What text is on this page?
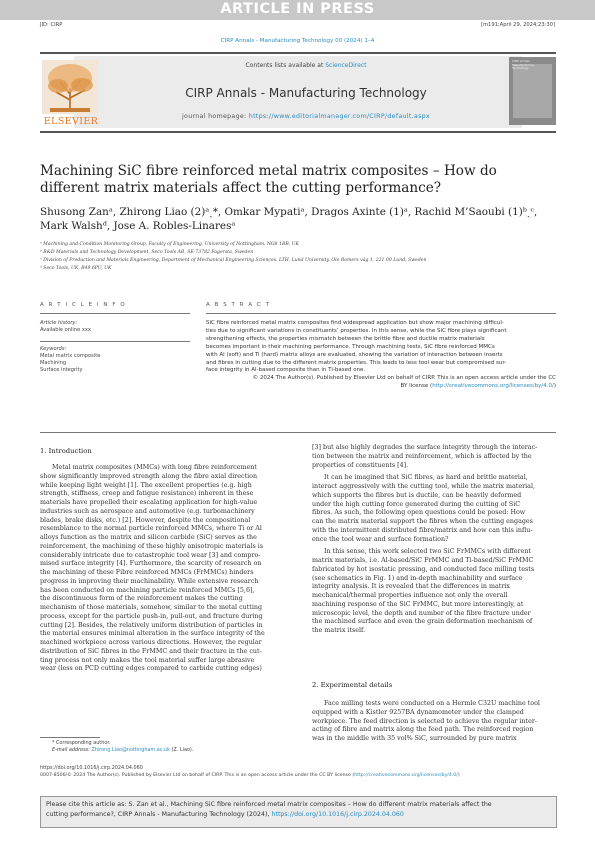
ARTICLE IN PRESS
JID: CIRP	[m191;April 29, 2024;23:30]
CIRP Annals - Manufacturing Technology 00 (2024) 1–4
ELSEVIER
Contents lists available at ScienceDirect
CIRP Annals - Manufacturing Technology
journal homepage: https://www.editorialmanager.com/CIRP/default.aspx
CIRP Annals
Manufacturing
Technology
Machining SiC fibre reinforced metal matrix composites – How do
different matrix materials affect the cutting performance?
Shusong Zanᵃ, Zhirong Liao (2)ᵃˎ*, Omkar Mypatiᵃ, Dragos Axinte (1)ᵃ, Rachid M’Saoubi (1)ᵇˎᶜ,
Mark Walshᵈ, Jose A. Robles-Linaresᵃ
ᵃ Machining and Condition Monitoring Group, Faculty of Engineering, University of Nottingham, NG8 1BB, UK
ᵇ R&D Materials and Technology Development, Seco Tools AB, SE-73782 Fagersta, Sweden
ᶜ Division of Production and Materials Engineering, Department of Mechanical Engineering Sciences, LTH, Lund University, Ole Romers väg 1, 221 00 Lund, Sweden
ᵈ Seco Tools, UK, B49 6PU, UK
A R T I C L E I N F O	A B S T R A C T
Article history:
Available online xxx
Keywords:
Metal matrix composite
Machining
Surface integrity
SiC fibre reinforced metal matrix composites find widespread application but show major machining difficul-
ties due to significant variations in constituents’ properties. In this sense, while the SiC fibre plays significant
strengthening effects, the properties mismatch between the brittle fibre and ductile matrix materials
becomes important in their machining performance. Through machining tests, SiC fibre reinforced MMCs
with Al (soft) and Ti (hard) matrix alloys are evaluated, showing the variation of interaction between inserts
and fibres in cutting due to the different matrix properties. This leads to less tool wear but compromised sur-
face integrity in Al-based composite than in Ti-based one.
© 2024 The Author(s). Published by Elsevier Ltd on behalf of CIRP. This is an open access article under the CC
BY license (http://creativecommons.org/licenses/by/4.0/)
1. Introduction
Metal matrix composites (MMCs) with long fibre reinforcement
show significantly improved strength along the fibre axial direction
while keeping light weight [1]. The excellent properties (e.g. high
strength, stiffness, creep and fatigue resistance) inherent in these
materials have propelled their escalating application for high-value
industries such as aerospace and automotive (e.g. turbomachinery
blades, brake disks, etc.) [2]. However, despite the compositional
resemblance to the normal particle reinforced MMCs, where Ti or Al
alloys function as the matrix and silicon carbide (SiC) serves as the
reinforcement, the machining of these highly anisotropic materials is
considerably intricate due to catastrophic tool wear [3] and compro-
mised surface integrity [4]. Furthermore, the scarcity of research on
the machining of these Fibre reinforced MMCs (FrMMCs) hinders
progress in improving their machinability. While extensive research
has been conducted on machining particle reinforced MMCs [5,6],
the discontinuous form of the reinforcement makes the cutting
mechanism of those materials, somehow, similar to the metal cutting
process, except for the particle push-in, pull-out, and fracture during
cutting [2]. Besides, the relatively uniform distribution of particles in
the material ensures minimal alteration in the surface integrity of the
machined workpiece across various directions. However, the regular
distribution of SiC fibres in the FrMMC and their fracture in the cut-
ting process not only makes the tool material suffer large abrasive
wear (less on PCD cutting edges compared to carbide cutting edges)
[3] but also highly degrades the surface integrity through the interac-
tion between the matrix and reinforcement, which is affected by the
properties of constituents [4].
It can be imagined that SiC fibres, as hard and brittle material,
interact aggressively with the cutting tool, while the matrix material,
which supports the fibres but is ductile, can be heavily deformed
under the high cutting force generated during the cutting of SiC
fibres. As such, the following open questions could be posed: How
can the matrix material support the fibres when the cutting engages
with the intermittent distributed fibre/matrix and how can this influ-
ence the tool wear and surface formation?
In this sense, this work selected two SiC FrMMCs with different
matrix materials, i.e. Al-based/SiC FrMMC and Ti-based/SiC FrMMC
fabricated by hot isostatic pressing, and conducted face milling tests
(see schematics in Fig. 1) and in-depth machinability and surface
integrity analysis. It is revealed that the differences in matrix
mechanical/thermal properties influence not only the overall
machining response of the SiC FrMMC, but more interestingly, at
microscopic level, the depth and number of the fibre fracture under
the machined surface and even the grain deformation mechanism of
the matrix itself.
2. Experimental details
Face milling tests were conducted on a Hermle C32U machine tool
equipped with a Kistler 9257BA dynamometer under the clamped
workpiece. The feed direction is selected to achieve the regular inter-
acting of fibre and matrix along the feed path. The reinforced region
was in the middle with 35 vol% SiC, surrounded by pure matrix
* Corresponding author.
E-mail address: Zhirong.Liao@nottingham.ac.uk (Z. Liao).
https://doi.org/10.1016/j.cirp.2024.04.060
0007-8506/© 2024 The Author(s). Published by Elsevier Ltd on behalf of CIRP. This is an open access article under the CC BY license (http://creativecommons.org/licenses/by/4.0/)
Please cite this article as: S. Zan et al., Machining SiC fibre reinforced metal matrix composites – How do different matrix materials affect the
cutting performance?, CIRP Annals - Manufacturing Technology (2024), https://doi.org/10.1016/j.cirp.2024.04.060
